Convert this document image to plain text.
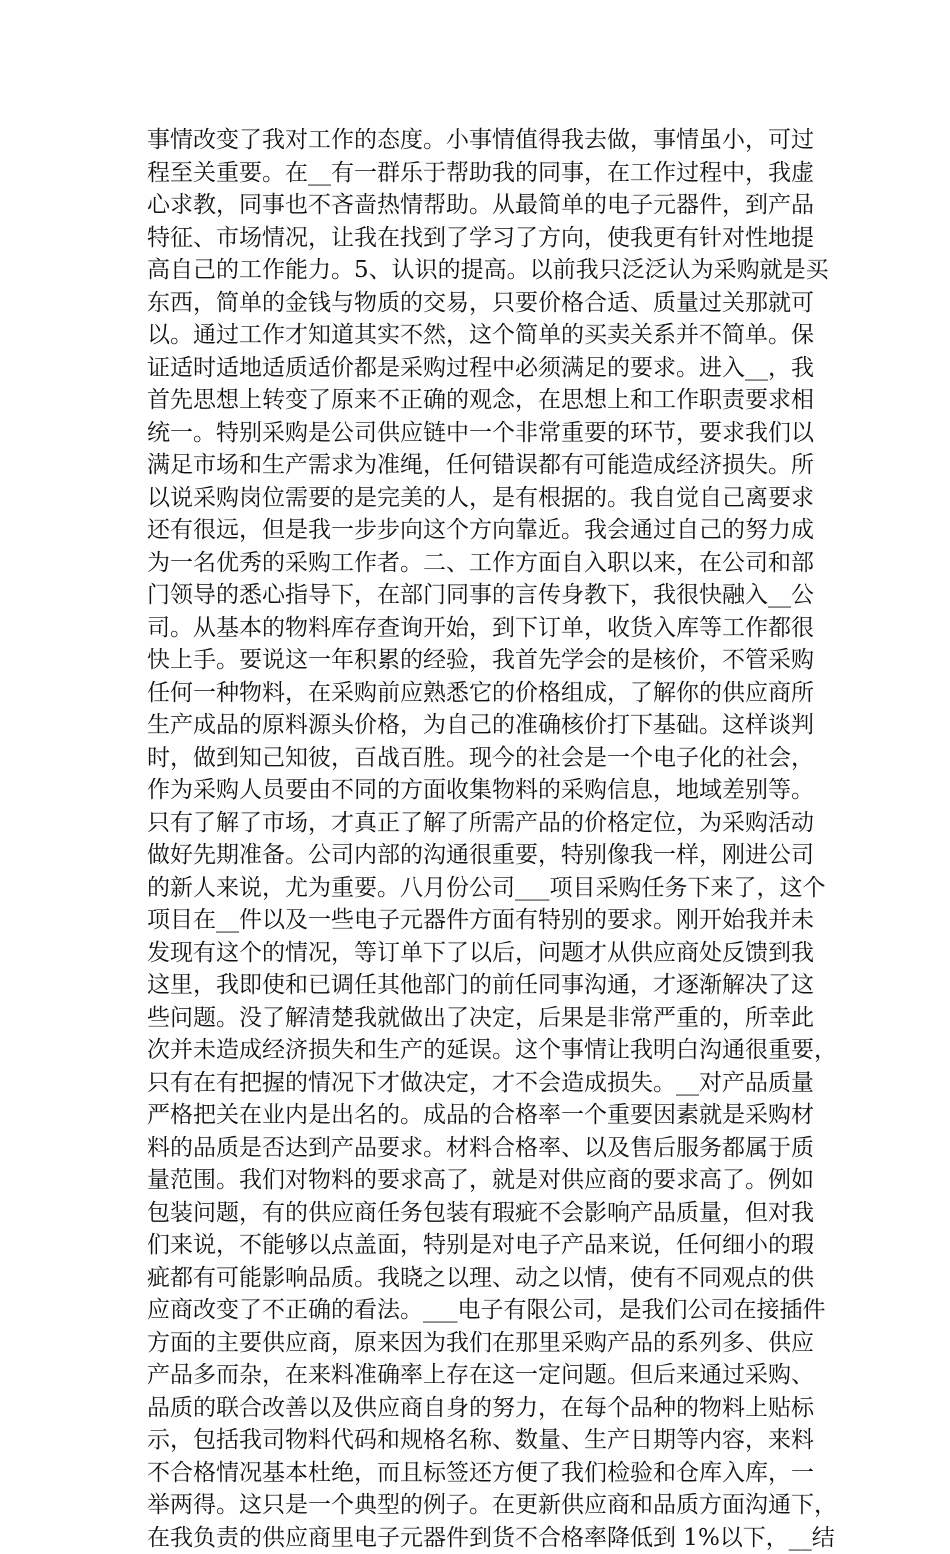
事情改变了我对工作的态度。小事情值得我去做，事情虽小，可过
程至关重要。在__有一群乐于帮助我的同事，在工作过程中，我虚
心求教，同事也不吝啬热情帮助。从最简单的电子元器件，到产品
特征、市场情况，让我在找到了学习了方向，使我更有针对性地提
高自己的工作能力。5、认识的提高。以前我只泛泛认为采购就是买
东西，简单的金钱与物质的交易，只要价格合适、质量过关那就可
以。通过工作才知道其实不然，这个简单的买卖关系并不简单。保
证适时适地适质适价都是采购过程中必须满足的要求。进入__，我
首先思想上转变了原来不正确的观念，在思想上和工作职责要求相
统一。特别采购是公司供应链中一个非常重要的环节，要求我们以
满足市场和生产需求为准绳，任何错误都有可能造成经济损失。所
以说采购岗位需要的是完美的人，是有根据的。我自觉自己离要求
还有很远，但是我一步步向这个方向靠近。我会通过自己的努力成
为一名优秀的采购工作者。二、工作方面自入职以来，在公司和部
门领导的悉心指导下，在部门同事的言传身教下，我很快融入__公
司。从基本的物料库存查询开始，到下订单，收货入库等工作都很
快上手。要说这一年积累的经验，我首先学会的是核价，不管采购
任何一种物料，在采购前应熟悉它的价格组成，了解你的供应商所
生产成品的原料源头价格，为自己的准确核价打下基础。这样谈判
时，做到知己知彼，百战百胜。现今的社会是一个电子化的社会，
作为采购人员要由不同的方面收集物料的采购信息，地域差别等。
只有了解了市场，才真正了解了所需产品的价格定位，为采购活动
做好先期准备。公司内部的沟通很重要，特别像我一样，刚进公司
的新人来说，尤为重要。八月份公司___项目采购任务下来了，这个
项目在__件以及一些电子元器件方面有特别的要求。刚开始我并未
发现有这个的情况，等订单下了以后，问题才从供应商处反馈到我
这里，我即使和已调任其他部门的前任同事沟通，才逐渐解决了这
些问题。没了解清楚我就做出了决定，后果是非常严重的，所幸此
次并未造成经济损失和生产的延误。这个事情让我明白沟通很重要，
只有在有把握的情况下才做决定，才不会造成损失。__对产品质量
严格把关在业内是出名的。成品的合格率一个重要因素就是采购材
料的品质是否达到产品要求。材料合格率、以及售后服务都属于质
量范围。我们对物料的要求高了，就是对供应商的要求高了。例如
包装问题，有的供应商任务包装有瑕疵不会影响产品质量，但对我
们来说，不能够以点盖面，特别是对电子产品来说，任何细小的瑕
疵都有可能影响品质。我晓之以理、动之以情，使有不同观点的供
应商改变了不正确的看法。___电子有限公司，是我们公司在接插件
方面的主要供应商，原来因为我们在那里采购产品的系列多、供应
产品多而杂，在来料准确率上存在这一定问题。但后来通过采购、
品质的联合改善以及供应商自身的努力，在每个品种的物料上贴标
示，包括我司物料代码和规格名称、数量、生产日期等内容，来料
不合格情况基本杜绝，而且标签还方便了我们检验和仓库入库，一
举两得。这只是一个典型的例子。在更新供应商和品质方面沟通下，
在我负责的供应商里电子元器件到货不合格率降低到 1%以下，__结
